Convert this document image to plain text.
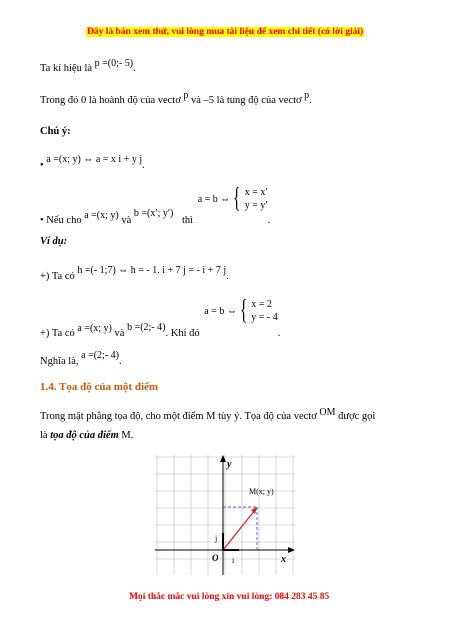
Đây là bản xem thử, vui lòng mua tài liệu để xem chi tiết (có lời giải)
Ta kí hiệu là p =(0;- 5).
Trong đó 0 là hoành độ của vectơ p và –5 là tung độ của vectơ p.
Chú ý:
• a =(x; y) ⇔ a = x i + y j.
• Nếu cho a =(x; y) và b =(x′; y′) thì
a = b ⇔ { x = x′
y = y′
.
Ví dụ:
+) Ta có h =(- 1;7) ⇔ h = - 1. i + 7 j = - i + 7 j.
+) Ta có a =(x; y) và b =(2;- 4). Khi đó
a = b ⇔ { x = 2
y = - 4
.
Nghĩa là, a =(2;- 4).
1.4. Tọa độ của một điểm
Trong mặt phẳng tọa độ, cho một điểm M tùy ý. Tọa độ của vectơ OM được gọi
là tọa độ của điểm M.
y
x
O
M(x; y)
i
j
Mọi thắc mắc vui lòng xin vui lòng: 084 283 45 85
